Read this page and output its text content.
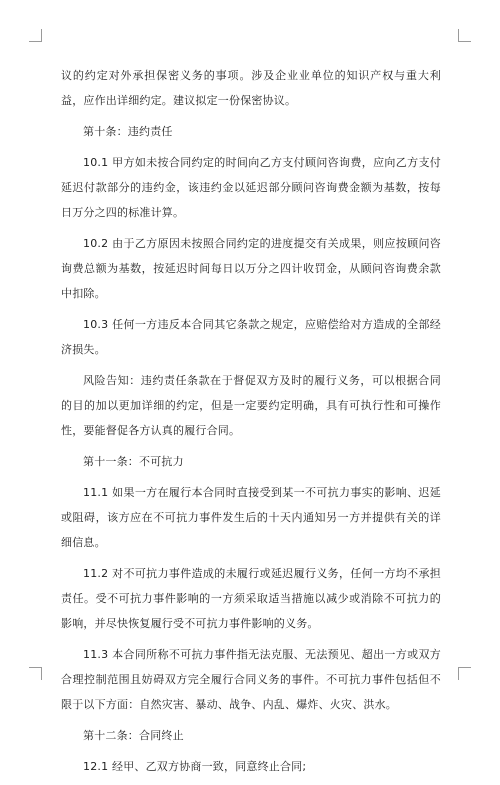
议的约定对外承担保密义务的事项。涉及企业业单位的知识产权与重大利益，应作出详细约定。建议拟定一份保密协议。

第十条：违约责任

10.1 甲方如未按合同约定的时间向乙方支付顾问咨询费，应向乙方支付延迟付款部分的违约金，该违约金以延迟部分顾问咨询费金额为基数，按每日万分之四的标准计算。

10.2 由于乙方原因未按照合同约定的进度提交有关成果，则应按顾问咨询费总额为基数，按延迟时间每日以万分之四计收罚金，从顾问咨询费余款中扣除。

10.3 任何一方违反本合同其它条款之规定，应赔偿给对方造成的全部经济损失。

风险告知：违约责任条款在于督促双方及时的履行义务，可以根据合同的目的加以更加详细的约定，但是一定要约定明确，具有可执行性和可操作性，要能督促各方认真的履行合同。

第十一条：不可抗力

11.1 如果一方在履行本合同时直接受到某一不可抗力事实的影响、迟延或阻碍，该方应在不可抗力事件发生后的十天内通知另一方并提供有关的详细信息。

11.2 对不可抗力事件造成的未履行或延迟履行义务，任何一方均不承担责任。受不可抗力事件影响的一方须采取适当措施以减少或消除不可抗力的影响，并尽快恢复履行受不可抗力事件影响的义务。

11.3 本合同所称不可抗力事件指无法克服、无法预见、超出一方或双方合理控制范围且妨碍双方完全履行合同义务的事件。不可抗力事件包括但不限于以下方面：自然灾害、暴动、战争、内乱、爆炸、火灾、洪水。

第十二条：合同终止

12.1 经甲、乙双方协商一致，同意终止合同;
